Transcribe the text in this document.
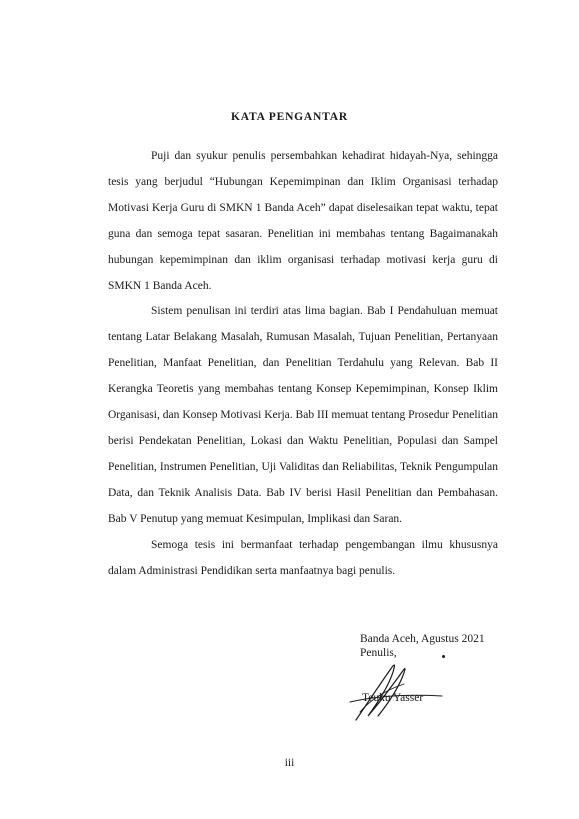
KATA PENGANTAR

Puji dan syukur penulis persembahkan kehadirat hidayah-Nya, sehingga tesis yang berjudul “Hubungan Kepemimpinan dan Iklim Organisasi terhadap Motivasi Kerja Guru di SMKN 1 Banda Aceh” dapat diselesaikan tepat waktu, tepat guna dan semoga tepat sasaran. Penelitian ini membahas tentang Bagaimanakah hubungan kepemimpinan dan iklim organisasi terhadap motivasi kerja guru di SMKN 1 Banda Aceh.

Sistem penulisan ini terdiri atas lima bagian. Bab I Pendahuluan memuat tentang Latar Belakang Masalah, Rumusan Masalah, Tujuan Penelitian, Pertanyaan Penelitian, Manfaat Penelitian, dan Penelitian Terdahulu yang Relevan. Bab II Kerangka Teoretis yang membahas tentang Konsep Kepemimpinan, Konsep Iklim Organisasi, dan Konsep Motivasi Kerja. Bab III memuat tentang Prosedur Penelitian berisi Pendekatan Penelitian, Lokasi dan Waktu Penelitian, Populasi dan Sampel Penelitian, Instrumen Penelitian, Uji Validitas dan Reliabilitas, Teknik Pengumpulan Data, dan Teknik Analisis Data. Bab IV berisi Hasil Penelitian dan Pembahasan. Bab V Penutup yang memuat Kesimpulan, Implikasi dan Saran.

Semoga tesis ini bermanfaat terhadap pengembangan ilmu khususnya dalam Administrasi Pendidikan serta manfaatnya bagi penulis.

Banda Aceh, Agustus 2021
Penulis,
Teuku Yasser
iii
